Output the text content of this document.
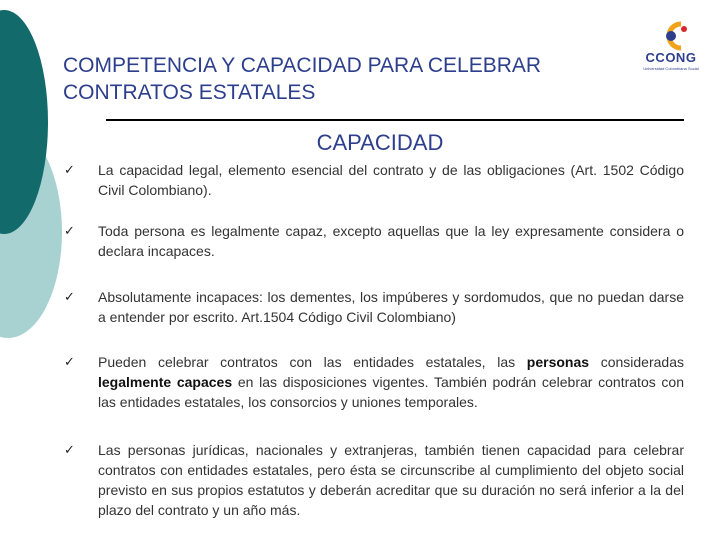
COMPETENCIA Y CAPACIDAD PARA CELEBRAR CONTRATOS ESTATALES
CCONG
Universidad Colombiana Social
CAPACIDAD
✓ La capacidad legal, elemento esencial del contrato y de las obligaciones (Art. 1502 Código Civil Colombiano).
✓ Toda persona es legalmente capaz, excepto aquellas que la ley expresamente considera o declara incapaces.
✓ Absolutamente incapaces: los dementes, los impúberes y sordomudos, que no puedan darse a entender por escrito. Art.1504 Código Civil Colombiano)
✓ Pueden celebrar contratos con las entidades estatales, las personas consideradas legalmente capaces en las disposiciones vigentes. También podrán celebrar contratos con las entidades estatales, los consorcios y uniones temporales.
✓ Las personas jurídicas, nacionales y extranjeras, también tienen capacidad para celebrar contratos con entidades estatales, pero ésta se circunscribe al cumplimiento del objeto social previsto en sus propios estatutos y deberán acreditar que su duración no será inferior a la del plazo del contrato y un año más.
